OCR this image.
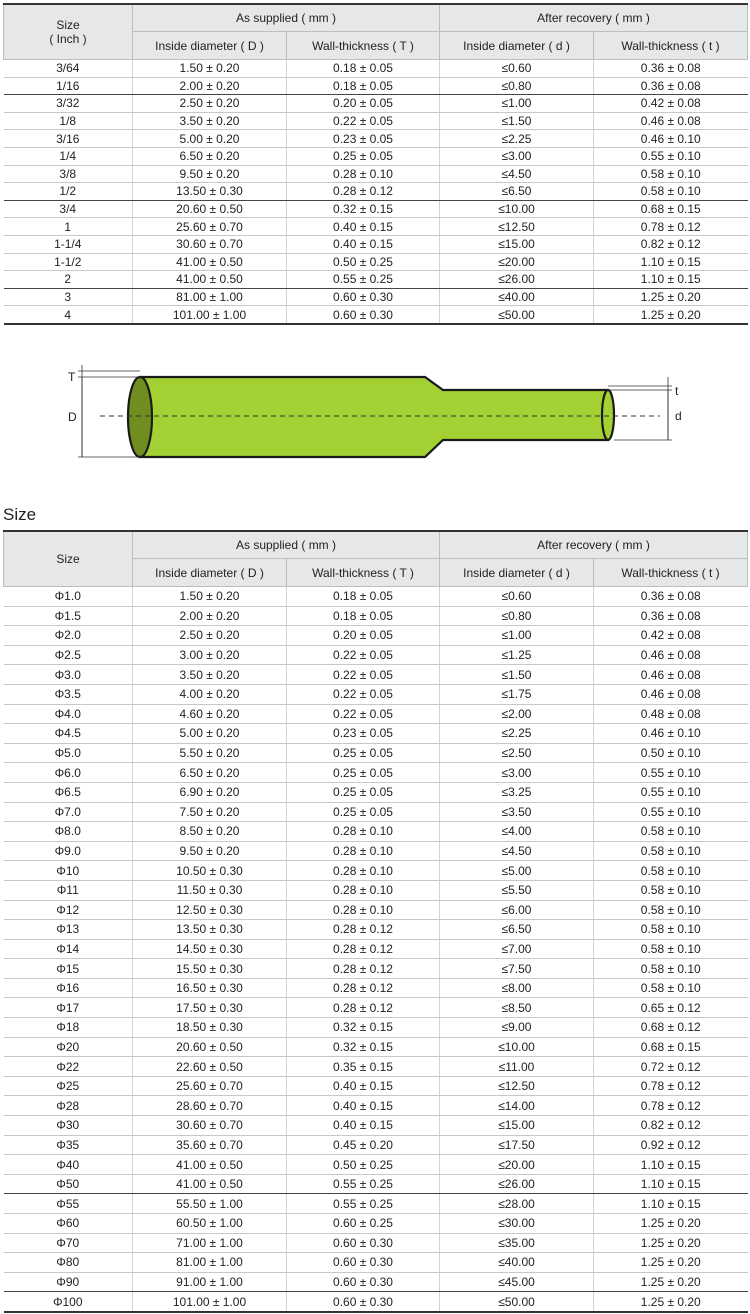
Size
( Inch )	As supplied ( mm )		After recovery ( mm )	
	Inside diameter ( D )	Wall-thickness ( T )	Inside diameter ( d )	Wall-thickness ( t )
3/64	1.50 ± 0.20	0.18 ± 0.05	≤0.60	0.36 ± 0.08
1/16	2.00 ± 0.20	0.18 ± 0.05	≤0.80	0.36 ± 0.08
3/32	2.50 ± 0.20	0.20 ± 0.05	≤1.00	0.42 ± 0.08
1/8	3.50 ± 0.20	0.22 ± 0.05	≤1.50	0.46 ± 0.08
3/16	5.00 ± 0.20	0.23 ± 0.05	≤2.25	0.46 ± 0.10
1/4	6.50 ± 0.20	0.25 ± 0.05	≤3.00	0.55 ± 0.10
3/8	9.50 ± 0.20	0.28 ± 0.10	≤4.50	0.58 ± 0.10
1/2	13.50 ± 0.30	0.28 ± 0.12	≤6.50	0.58 ± 0.10
3/4	20.60 ± 0.50	0.32 ± 0.15	≤10.00	0.68 ± 0.15
1	25.60 ± 0.70	0.40 ± 0.15	≤12.50	0.78 ± 0.12
1-1/4	30.60 ± 0.70	0.40 ± 0.15	≤15.00	0.82 ± 0.12
1-1/2	41.00 ± 0.50	0.50 ± 0.25	≤20.00	1.10 ± 0.15
2	41.00 ± 0.50	0.55 ± 0.25	≤26.00	1.10 ± 0.15
3	81.00 ± 1.00	0.60 ± 0.30	≤40.00	1.25 ± 0.20
4	101.00 ± 1.00	0.60 ± 0.30	≤50.00	1.25 ± 0.20
T
D
t
d
Size
Size	As supplied ( mm )		After recovery ( mm )	
	Inside diameter ( D )	Wall-thickness ( T )	Inside diameter ( d )	Wall-thickness ( t )
Φ1.0	1.50 ± 0.20	0.18 ± 0.05	≤0.60	0.36 ± 0.08
Φ1.5	2.00 ± 0.20	0.18 ± 0.05	≤0.80	0.36 ± 0.08
Φ2.0	2.50 ± 0.20	0.20 ± 0.05	≤1.00	0.42 ± 0.08
Φ2.5	3.00 ± 0.20	0.22 ± 0.05	≤1.25	0.46 ± 0.08
Φ3.0	3.50 ± 0.20	0.22 ± 0.05	≤1.50	0.46 ± 0.08
Φ3.5	4.00 ± 0.20	0.22 ± 0.05	≤1.75	0.46 ± 0.08
Φ4.0	4.60 ± 0.20	0.22 ± 0.05	≤2.00	0.48 ± 0.08
Φ4.5	5.00 ± 0.20	0.23 ± 0.05	≤2.25	0.46 ± 0.10
Φ5.0	5.50 ± 0.20	0.25 ± 0.05	≤2.50	0.50 ± 0.10
Φ6.0	6.50 ± 0.20	0.25 ± 0.05	≤3.00	0.55 ± 0.10
Φ6.5	6.90 ± 0.20	0.25 ± 0.05	≤3.25	0.55 ± 0.10
Φ7.0	7.50 ± 0.20	0.25 ± 0.05	≤3.50	0.55 ± 0.10
Φ8.0	8.50 ± 0.20	0.28 ± 0.10	≤4.00	0.58 ± 0.10
Φ9.0	9.50 ± 0.20	0.28 ± 0.10	≤4.50	0.58 ± 0.10
Φ10	10.50 ± 0.30	0.28 ± 0.10	≤5.00	0.58 ± 0.10
Φ11	11.50 ± 0.30	0.28 ± 0.10	≤5.50	0.58 ± 0.10
Φ12	12.50 ± 0.30	0.28 ± 0.10	≤6.00	0.58 ± 0.10
Φ13	13.50 ± 0.30	0.28 ± 0.12	≤6.50	0.58 ± 0.10
Φ14	14.50 ± 0.30	0.28 ± 0.12	≤7.00	0.58 ± 0.10
Φ15	15.50 ± 0.30	0.28 ± 0.12	≤7.50	0.58 ± 0.10
Φ16	16.50 ± 0.30	0.28 ± 0.12	≤8.00	0.58 ± 0.10
Φ17	17.50 ± 0.30	0.28 ± 0.12	≤8.50	0.65 ± 0.12
Φ18	18.50 ± 0.30	0.32 ± 0.15	≤9.00	0.68 ± 0.12
Φ20	20.60 ± 0.50	0.32 ± 0.15	≤10.00	0.68 ± 0.15
Φ22	22.60 ± 0.50	0.35 ± 0.15	≤11.00	0.72 ± 0.12
Φ25	25.60 ± 0.70	0.40 ± 0.15	≤12.50	0.78 ± 0.12
Φ28	28.60 ± 0.70	0.40 ± 0.15	≤14.00	0.78 ± 0.12
Φ30	30.60 ± 0.70	0.40 ± 0.15	≤15.00	0.82 ± 0.12
Φ35	35.60 ± 0.70	0.45 ± 0.20	≤17.50	0.92 ± 0.12
Φ40	41.00 ± 0.50	0.50 ± 0.25	≤20.00	1.10 ± 0.15
Φ50	41.00 ± 0.50	0.55 ± 0.25	≤26.00	1.10 ± 0.15
Φ55	55.50 ± 1.00	0.55 ± 0.25	≤28.00	1.10 ± 0.15
Φ60	60.50 ± 1.00	0.60 ± 0.25	≤30.00	1.25 ± 0.20
Φ70	71.00 ± 1.00	0.60 ± 0.30	≤35.00	1.25 ± 0.20
Φ80	81.00 ± 1.00	0.60 ± 0.30	≤40.00	1.25 ± 0.20
Φ90	91.00 ± 1.00	0.60 ± 0.30	≤45.00	1.25 ± 0.20
Φ100	101.00 ± 1.00	0.60 ± 0.30	≤50.00	1.25 ± 0.20
